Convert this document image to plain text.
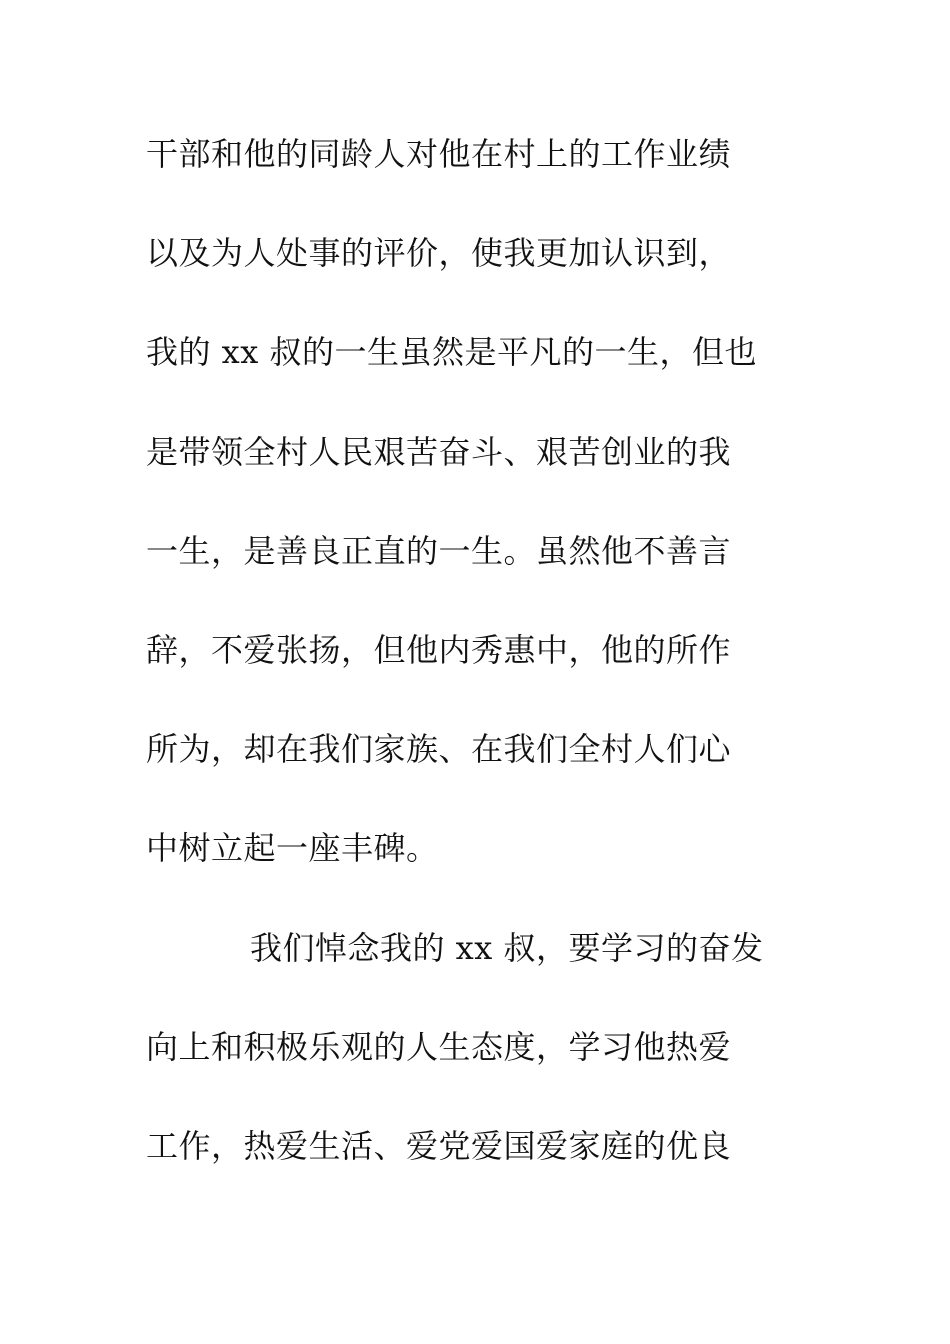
干部和他的同龄人对他在村上的工作业绩
以及为人处事的评价，使我更加认识到，
我的 xx 叔的一生虽然是平凡的一生，但也
是带领全村人民艰苦奋斗、艰苦创业的我
一生，是善良正直的一生。虽然他不善言
辞，不爱张扬，但他内秀惠中，他的所作
所为，却在我们家族、在我们全村人们心
中树立起一座丰碑。
我们悼念我的 xx 叔，要学习的奋发
向上和积极乐观的人生态度，学习他热爱
工作，热爱生活、爱党爱国爱家庭的优良
